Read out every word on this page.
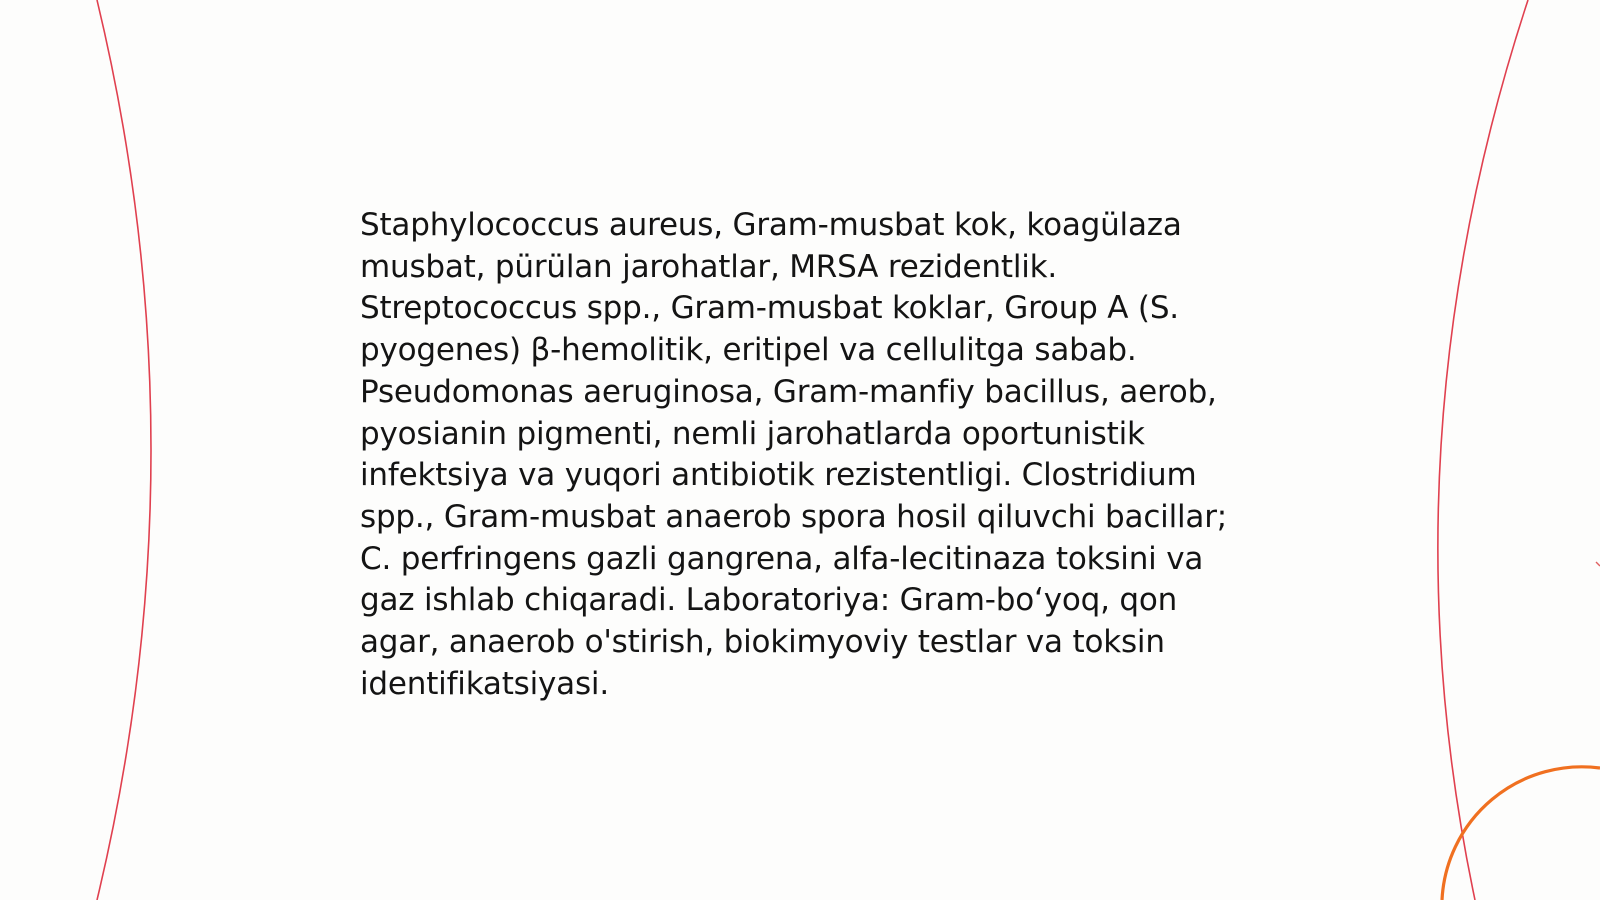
Staphylococcus aureus, Gram-musbat kok, koagülaza musbat, pürülan jarohatlar, MRSA rezidentlik. Streptococcus spp., Gram-musbat koklar, Group A (S. pyogenes) β-hemolitik, eritipel va cellulitga sabab. Pseudomonas aeruginosa, Gram-manfiy bacillus, aerob, pyosianin pigmenti, nemli jarohatlarda oportunistik infektsiya va yuqori antibiotik rezistentligi. Clostridium spp., Gram-musbat anaerob spora hosil qiluvchi bacillar; C. perfringens gazli gangrena, alfa-lecitinaza toksini va gaz ishlab chiqaradi. Laboratoriya: Gram-bo‘yoq, qon agar, anaerob o'stirish, biokimyoviy testlar va toksin identifikatsiyasi.
